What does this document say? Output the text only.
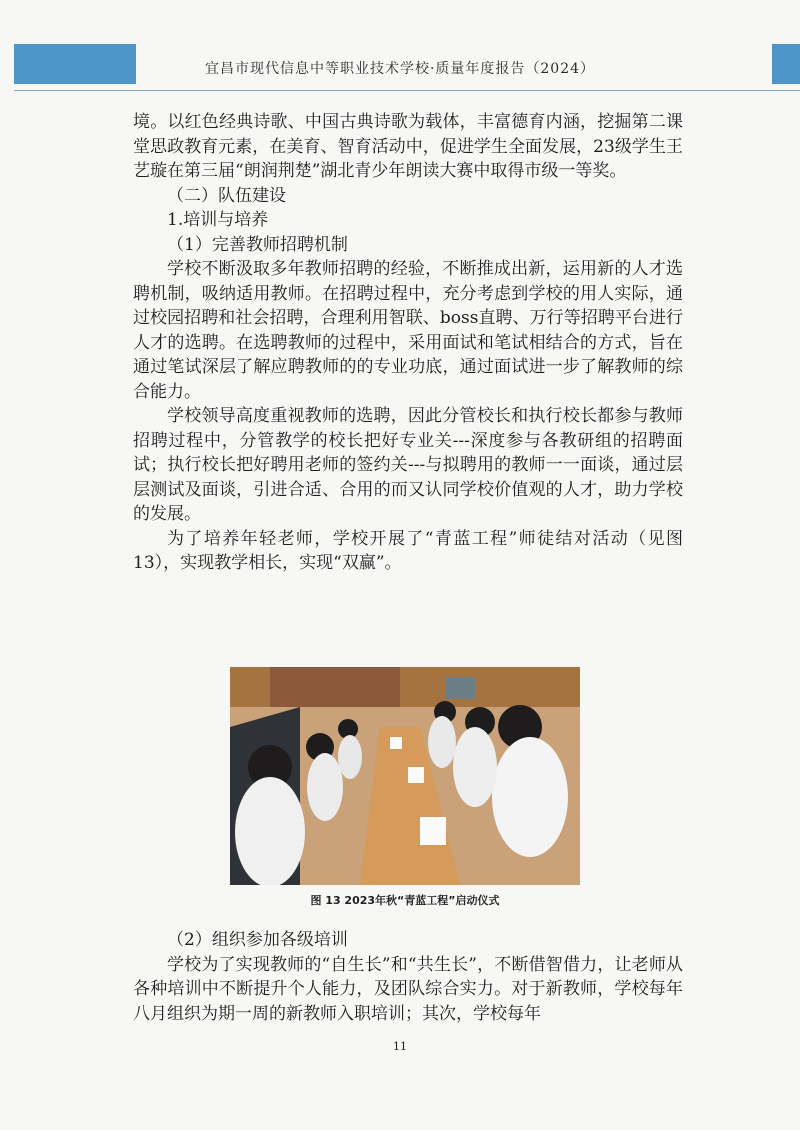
宜昌市现代信息中等职业技术学校·质量年度报告（2024）

境。以红色经典诗歌、中国古典诗歌为载体，丰富德育内涵，挖掘第二课堂思政教育元素，在美育、智育活动中，促进学生全面发展，23级学生王艺璇在第三届“朗润荆楚”湖北青少年朗读大赛中取得市级一等奖。

（二）队伍建设

1.培训与培养

（1）完善教师招聘机制

学校不断汲取多年教师招聘的经验，不断推成出新，运用新的人才选聘机制，吸纳适用教师。在招聘过程中，充分考虑到学校的用人实际，通过校园招聘和社会招聘，合理利用智联、boss直聘、万行等招聘平台进行人才的选聘。在选聘教师的过程中，采用面试和笔试相结合的方式，旨在通过笔试深层了解应聘教师的的专业功底，通过面试进一步了解教师的综合能力。

学校领导高度重视教师的选聘，因此分管校长和执行校长都参与教师招聘过程中，分管教学的校长把好专业关---深度参与各教研组的招聘面试；执行校长把好聘用老师的签约关---与拟聘用的教师一一面谈，通过层层测试及面谈，引进合适、合用的而又认同学校价值观的人才，助力学校的发展。

为了培养年轻老师，学校开展了“青蓝工程”师徒结对活动（见图13），实现教学相长，实现“双赢”。

图 13 2023年秋“青蓝工程”启动仪式

（2）组织参加各级培训

学校为了实现教师的“自生长”和“共生长”，不断借智借力，让老师从各种培训中不断提升个人能力，及团队综合实力。对于新教师，学校每年八月组织为期一周的新教师入职培训；其次，学校每年

11
